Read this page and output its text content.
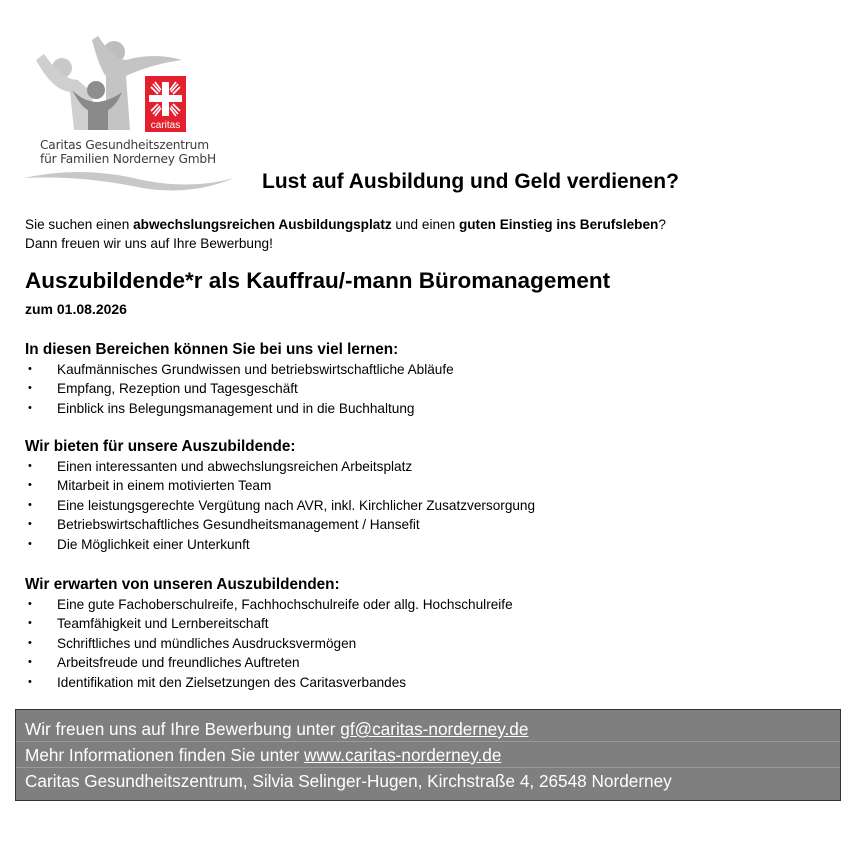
caritas
Caritas Gesundheitszentrum
für Familien Norderney GmbH
Lust auf Ausbildung und Geld verdienen?
Sie suchen einen abwechslungsreichen Ausbildungsplatz und einen guten Einstieg ins Berufsleben?
Dann freuen wir uns auf Ihre Bewerbung!
Auszubildende*r als Kauffrau/-mann Büromanagement
zum 01.08.2026
In diesen Bereichen können Sie bei uns viel lernen:
• Kaufmännisches Grundwissen und betriebswirtschaftliche Abläufe
• Empfang, Rezeption und Tagesgeschäft
• Einblick ins Belegungsmanagement und in die Buchhaltung
Wir bieten für unsere Auszubildende:
• Einen interessanten und abwechslungsreichen Arbeitsplatz
• Mitarbeit in einem motivierten Team
• Eine leistungsgerechte Vergütung nach AVR, inkl. Kirchlicher Zusatzversorgung
• Betriebswirtschaftliches Gesundheitsmanagement / Hansefit
• Die Möglichkeit einer Unterkunft
Wir erwarten von unseren Auszubildenden:
• Eine gute Fachoberschulreife, Fachhochschulreife oder allg. Hochschulreife
• Teamfähigkeit und Lernbereitschaft
• Schriftliches und mündliches Ausdrucksvermögen
• Arbeitsfreude und freundliches Auftreten
• Identifikation mit den Zielsetzungen des Caritasverbandes
Wir freuen uns auf Ihre Bewerbung unter gf@caritas-norderney.de
Mehr Informationen finden Sie unter www.caritas-norderney.de
Caritas Gesundheitszentrum, Silvia Selinger-Hugen, Kirchstraße 4, 26548 Norderney
